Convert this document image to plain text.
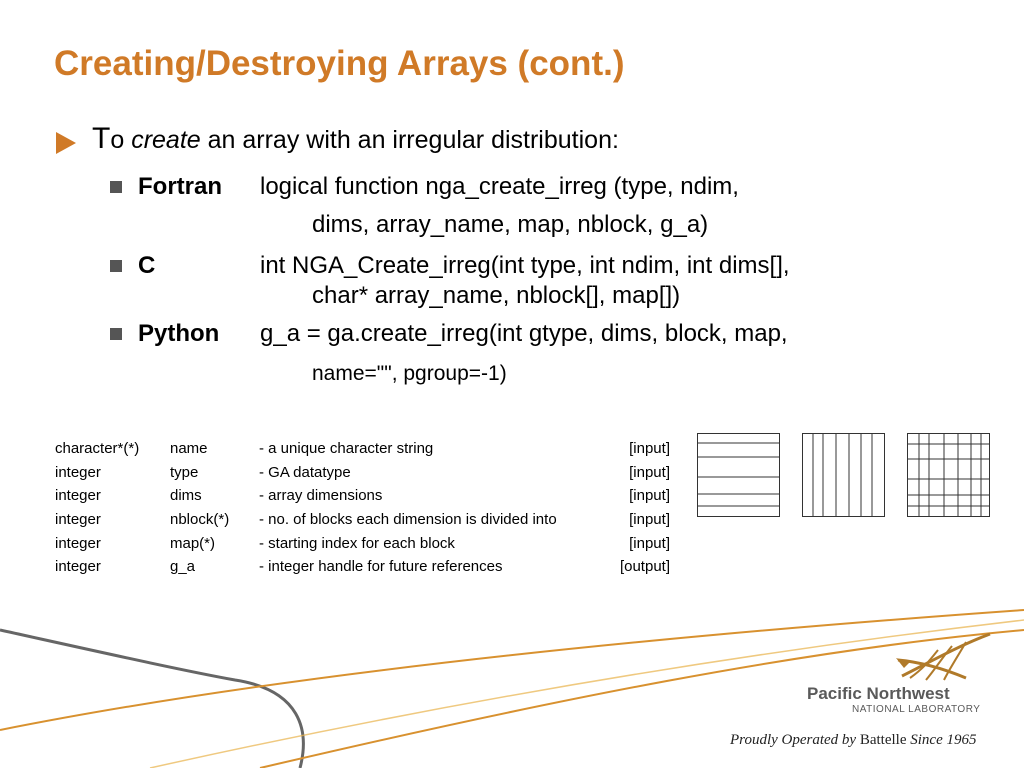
Creating/Destroying Arrays (cont.)
To create an array with an irregular distribution:
Fortran logical function nga_create_irreg (type, ndim,
dims, array_name, map, nblock, g_a)
C	int NGA_Create_irreg(int type, int ndim, int dims[],
char* array_name, nblock[], map[])
Python g_a = ga.create_irreg(int gtype, dims, block, map,
name="", pgroup=-1)
character*(*) name	- a unique character string	[input]
integer	type	- GA datatype	[input]
integer	dims	- array dimensions	[input]
integer	nblock(*) - no. of blocks each dimension is divided into	[input]
integer	map(*)	- starting index for each block	[input]
integer	g_a	- integer handle for future references	[output]
Pacific Northwest
NATIONAL LABORATORY
Proudly Operated by Battelle Since 1965
